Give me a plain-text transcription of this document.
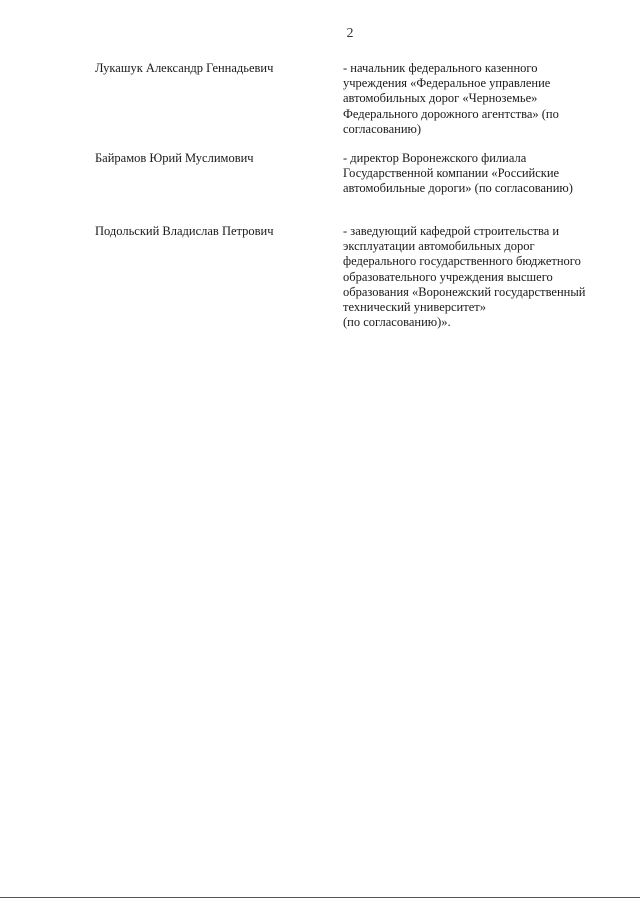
2
Лукашук Александр Геннадьевич	- начальник федерального казенного
учреждения «Федеральное управление
автомобильных дорог «Черноземье»
Федерального дорожного агентства» (по
согласованию)
Байрамов Юрий Муслимович	- директор Воронежского филиала
Государственной компании «Российские
автомобильные дороги» (по согласованию)
Подольский Владислав Петрович	- заведующий кафедрой строительства и
эксплуатации автомобильных дорог
федерального государственного бюджетного
образовательного учреждения высшего
образования «Воронежский государственный
технический университет»
(по согласованию)».
